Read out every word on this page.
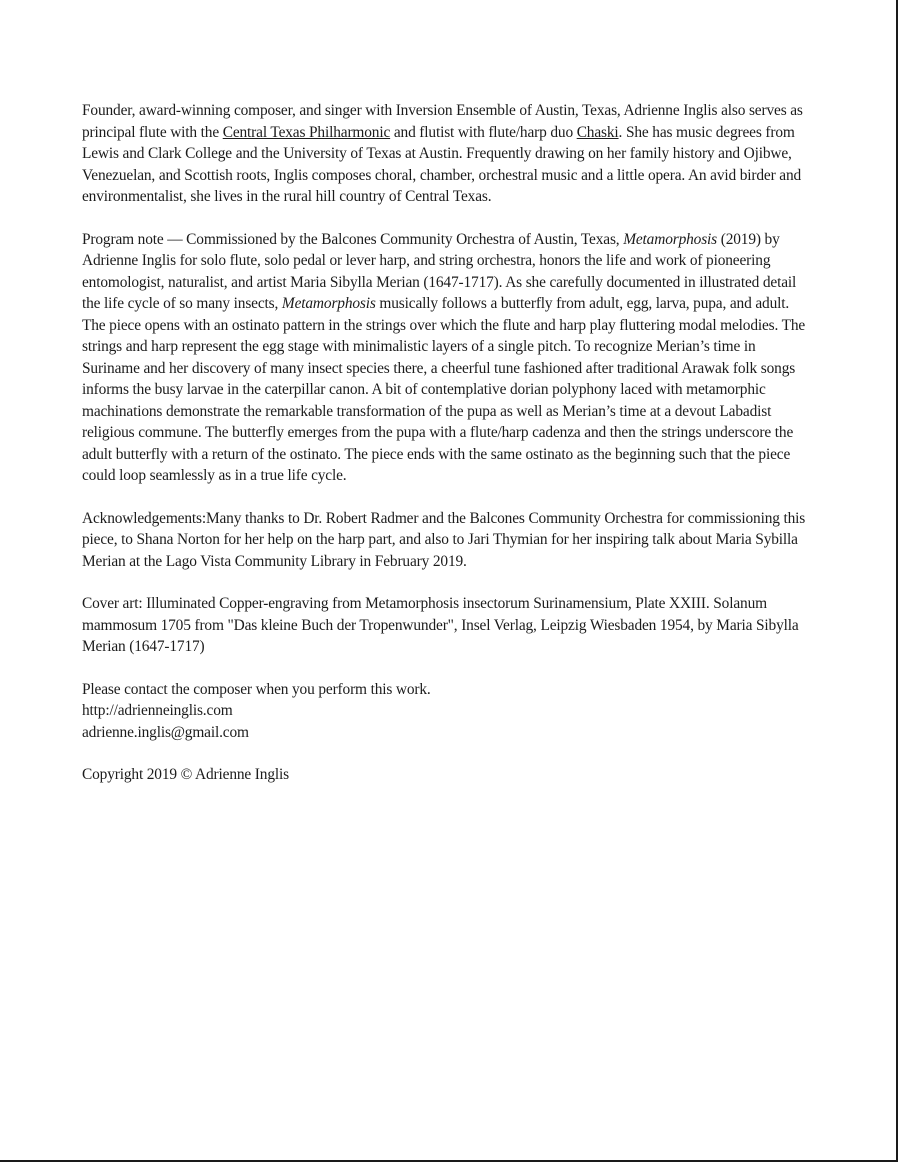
Founder, award-winning composer, and singer with Inversion Ensemble of Austin, Texas, Adrienne Inglis also serves as principal flute with the Central Texas Philharmonic and flutist with flute/harp duo Chaski. She has music degrees from Lewis and Clark College and the University of Texas at Austin. Frequently drawing on her family history and Ojibwe, Venezuelan, and Scottish roots, Inglis composes choral, chamber, orchestral music and a little opera. An avid birder and environmentalist, she lives in the rural hill country of Central Texas.

Program note — Commissioned by the Balcones Community Orchestra of Austin, Texas, Metamorphosis (2019) by Adrienne Inglis for solo flute, solo pedal or lever harp, and string orchestra, honors the life and work of pioneering entomologist, naturalist, and artist Maria Sibylla Merian (1647-1717). As she carefully documented in illustrated detail the life cycle of so many insects, Metamorphosis musically follows a butterfly from adult, egg, larva, pupa, and adult. The piece opens with an ostinato pattern in the strings over which the flute and harp play fluttering modal melodies. The strings and harp represent the egg stage with minimalistic layers of a single pitch. To recognize Merian’s time in Suriname and her discovery of many insect species there, a cheerful tune fashioned after traditional Arawak folk songs informs the busy larvae in the caterpillar canon. A bit of contemplative dorian polyphony laced with metamorphic machinations demonstrate the remarkable transformation of the pupa as well as Merian’s time at a devout Labadist religious commune. The butterfly emerges from the pupa with a flute/harp cadenza and then the strings underscore the adult butterfly with a return of the ostinato. The piece ends with the same ostinato as the beginning such that the piece could loop seamlessly as in a true life cycle.

Acknowledgements:Many thanks to Dr. Robert Radmer and the Balcones Community Orchestra for commissioning this piece, to Shana Norton for her help on the harp part, and also to Jari Thymian for her inspiring talk about Maria Sybilla Merian at the Lago Vista Community Library in February 2019.

Cover art: Illuminated Copper-engraving from Metamorphosis insectorum Surinamensium, Plate XXIII. Solanum mammosum 1705 from "Das kleine Buch der Tropenwunder", Insel Verlag, Leipzig Wiesbaden 1954, by Maria Sibylla Merian (1647-1717)

Please contact the composer when you perform this work.
http://adrienneinglis.com
adrienne.inglis@gmail.com

Copyright 2019 © Adrienne Inglis
